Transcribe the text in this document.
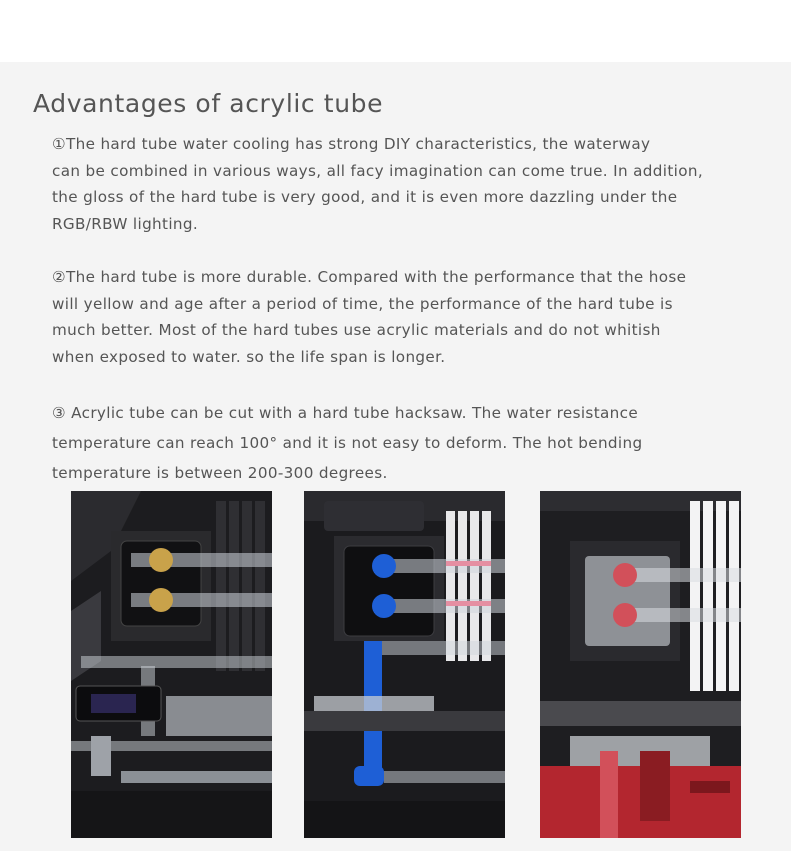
Advantages of acrylic tube

①The hard tube water cooling has strong DIY characteristics, the waterway
can be combined in various ways, all facy imagination can come true. In addition,
the gloss of the hard tube is very good, and it is even more dazzling under the
RGB/RBW lighting.

②The hard tube is more durable. Compared with the performance that the hose
will yellow and age after a period of time, the performance of the hard tube is
much better. Most of the hard tubes use acrylic materials and do not whitish
when exposed to water. so the life span is longer.

③ Acrylic tube can be cut with a hard tube hacksaw. The water resistance
temperature can reach 100° and it is not easy to deform. The hot bending
temperature is between 200-300 degrees.
